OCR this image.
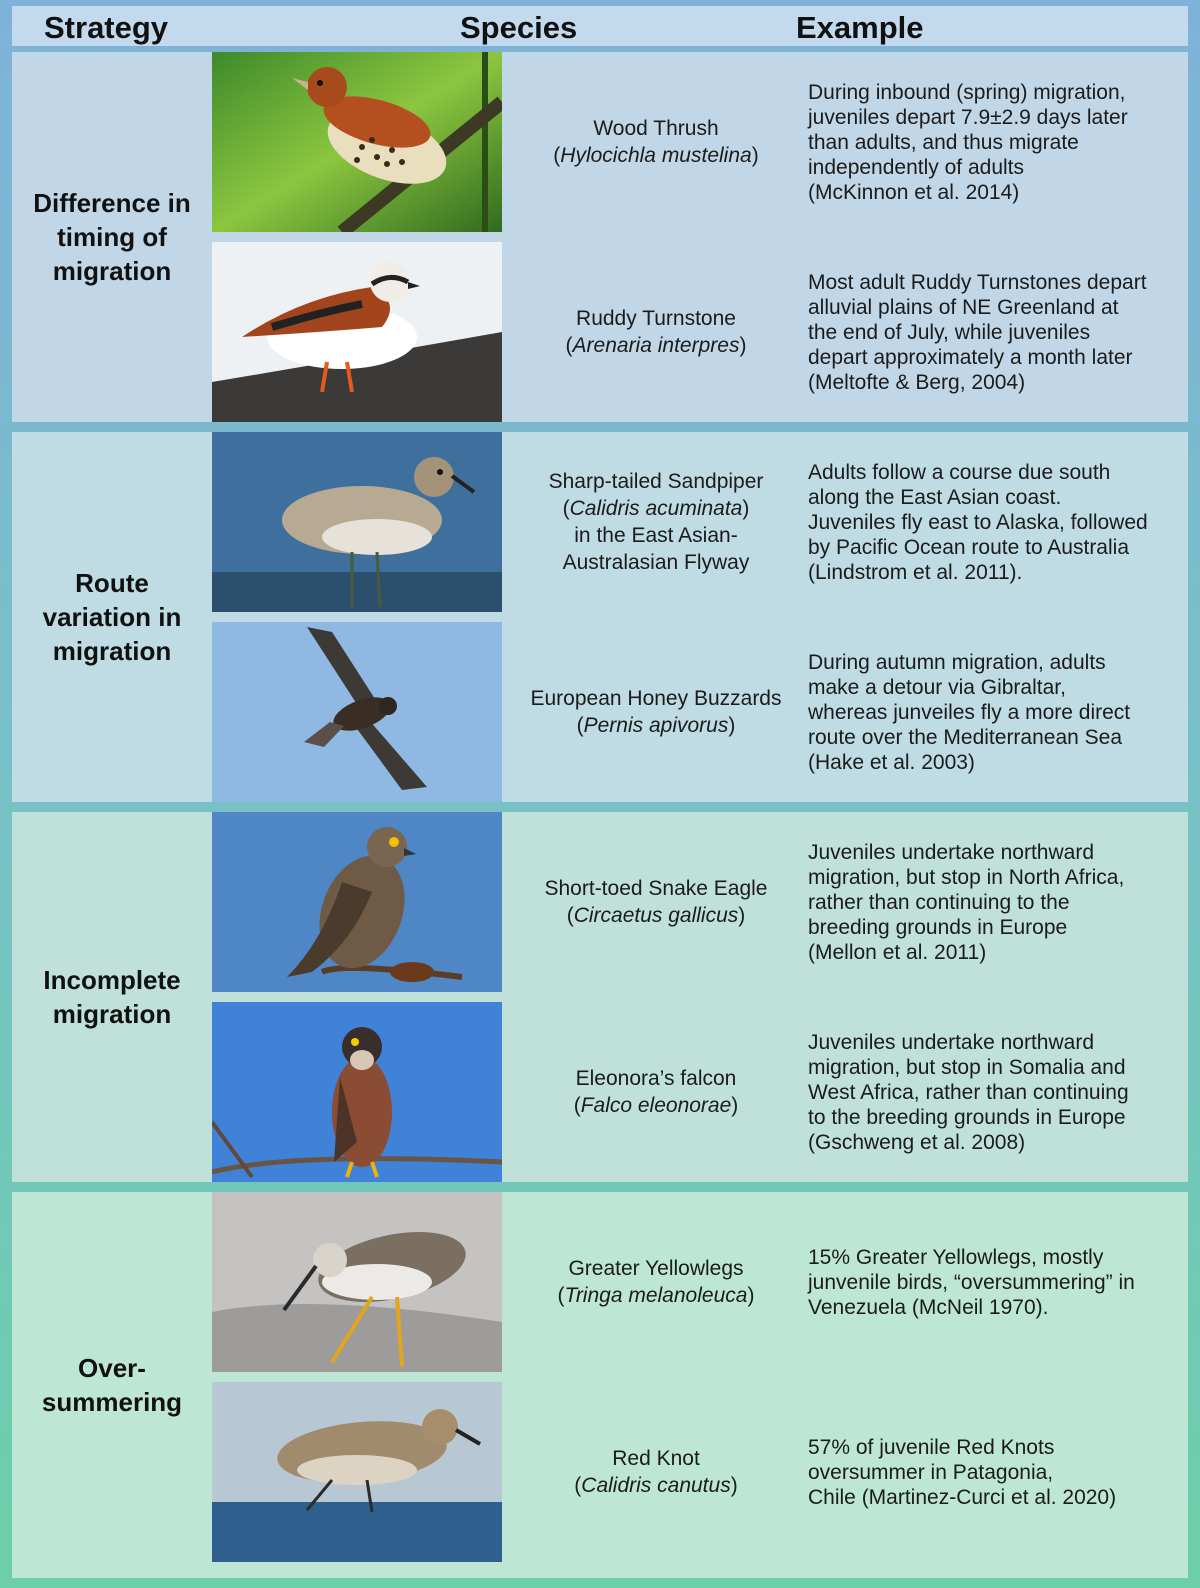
Strategy	Species	Example
Difference in
timing of
migration
Wood Thrush
( Hylocichla mustelina )
During inbound (spring) migration,
juveniles depart 7.9±2.9 days later
than adults, and thus migrate
independently of adults
(McKinnon et al. 2014)
Ruddy Turnstone
( Arenaria interpres )
Most adult Ruddy Turnstones depart
alluvial plains of NE Greenland at
the end of July, while juveniles
depart approximately a month later
(Meltofte & Berg, 2004)
Route
variation in
migration
Sharp-tailed Sandpiper
( Calidris acuminata )
in the East Asian-
Australasian Flyway
Adults follow a course due south
along the East Asian coast.
Juveniles fly east to Alaska, followed
by Pacific Ocean route to Australia
(Lindstrom et al. 2011).
European Honey Buzzards
( Pernis apivorus )
During autumn migration, adults
make a detour via Gibraltar,
whereas junveiles fly a more direct
route over the Mediterranean Sea
(Hake et al. 2003)
Incomplete
migration
Short-toed Snake Eagle
( Circaetus gallicus )
Juveniles undertake northward
migration, but stop in North Africa,
rather than continuing to the
breeding grounds in Europe
(Mellon et al. 2011)
Eleonora’s falcon
( Falco eleonorae )
Juveniles undertake northward
migration, but stop in Somalia and
West Africa, rather than continuing
to the breeding grounds in Europe
(Gschweng et al. 2008)
Over-
summering
Greater Yellowlegs
( Tringa melanoleuca )
15% Greater Yellowlegs, mostly
junvenile birds, “oversummering” in
Venezuela (McNeil 1970).
Red Knot
( Calidris canutus )
57% of juvenile Red Knots
oversummer in Patagonia,
Chile (Martinez-Curci et al. 2020)
